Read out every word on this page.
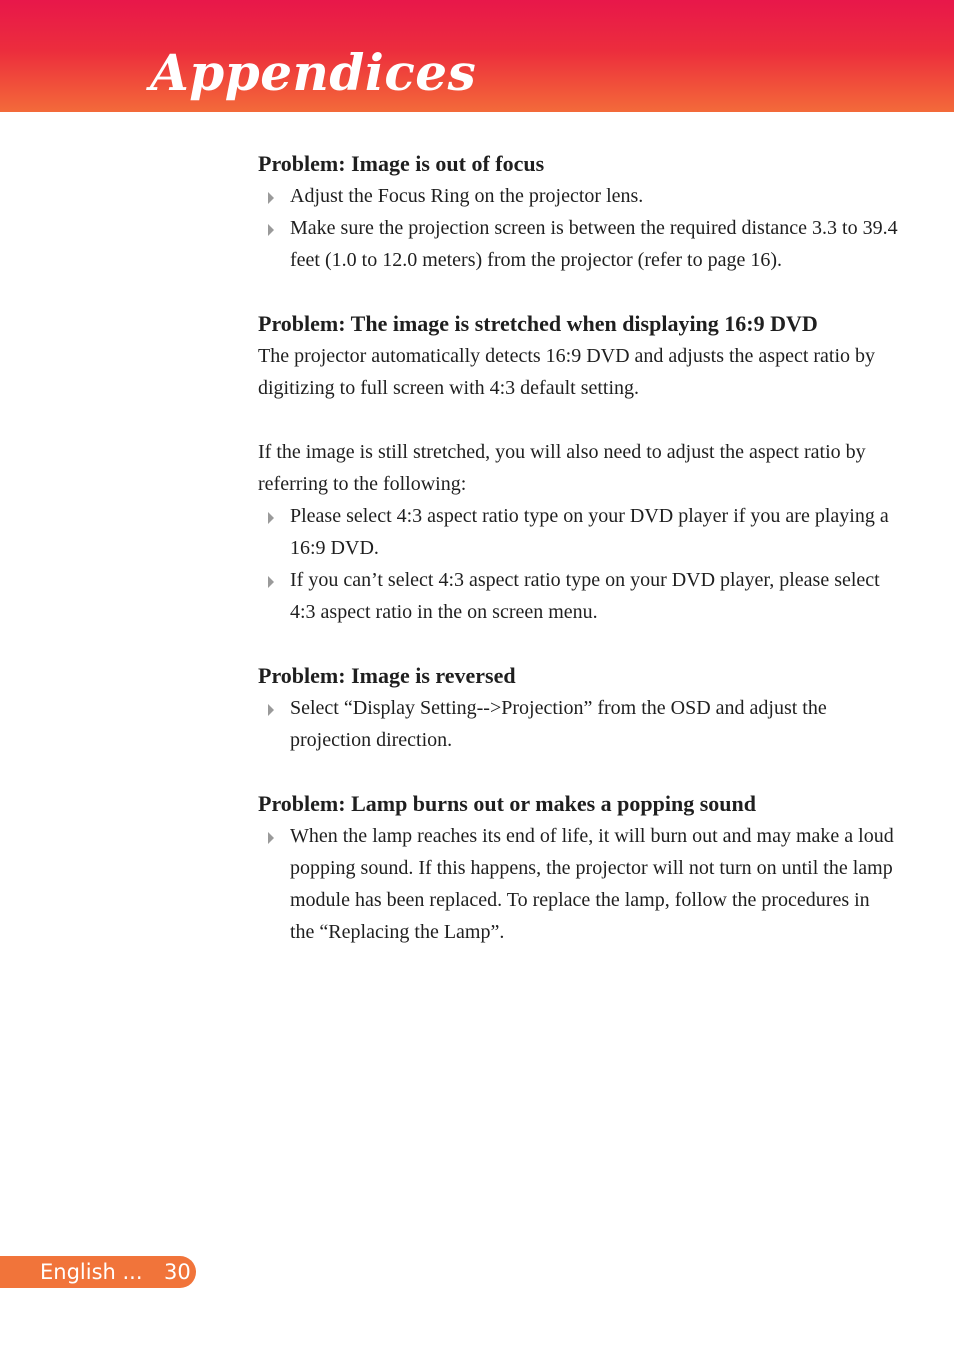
Appendices
Problem: Image is out of focus
Adjust the Focus Ring on the projector lens.
Make sure the projection screen is between the required distance 3.3 to 39.4 feet (1.0 to 12.0 meters) from the projector (refer to page 16).
Problem: The image is stretched when displaying 16:9 DVD

The projector automatically detects 16:9 DVD and adjusts the aspect ratio by digitizing to full screen with 4:3 default setting.

If the image is still stretched, you will also need to adjust the aspect ratio by referring to the following:

Please select 4:3 aspect ratio type on your DVD player if you are playing a 16:9 DVD.
If you can’t select 4:3 aspect ratio type on your DVD player, please select 4:3 aspect ratio in the on screen menu.
Problem: Image is reversed
Select “Display Setting-->Projection” from the OSD and adjust the projection direction.
Problem: Lamp burns out or makes a popping sound
When the lamp reaches its end of life, it will burn out and may make a loud popping sound. If this happens, the projector will not turn on until the lamp module has been replaced. To replace the lamp, follow the procedures in the “Replacing the Lamp”.
English ... 30
